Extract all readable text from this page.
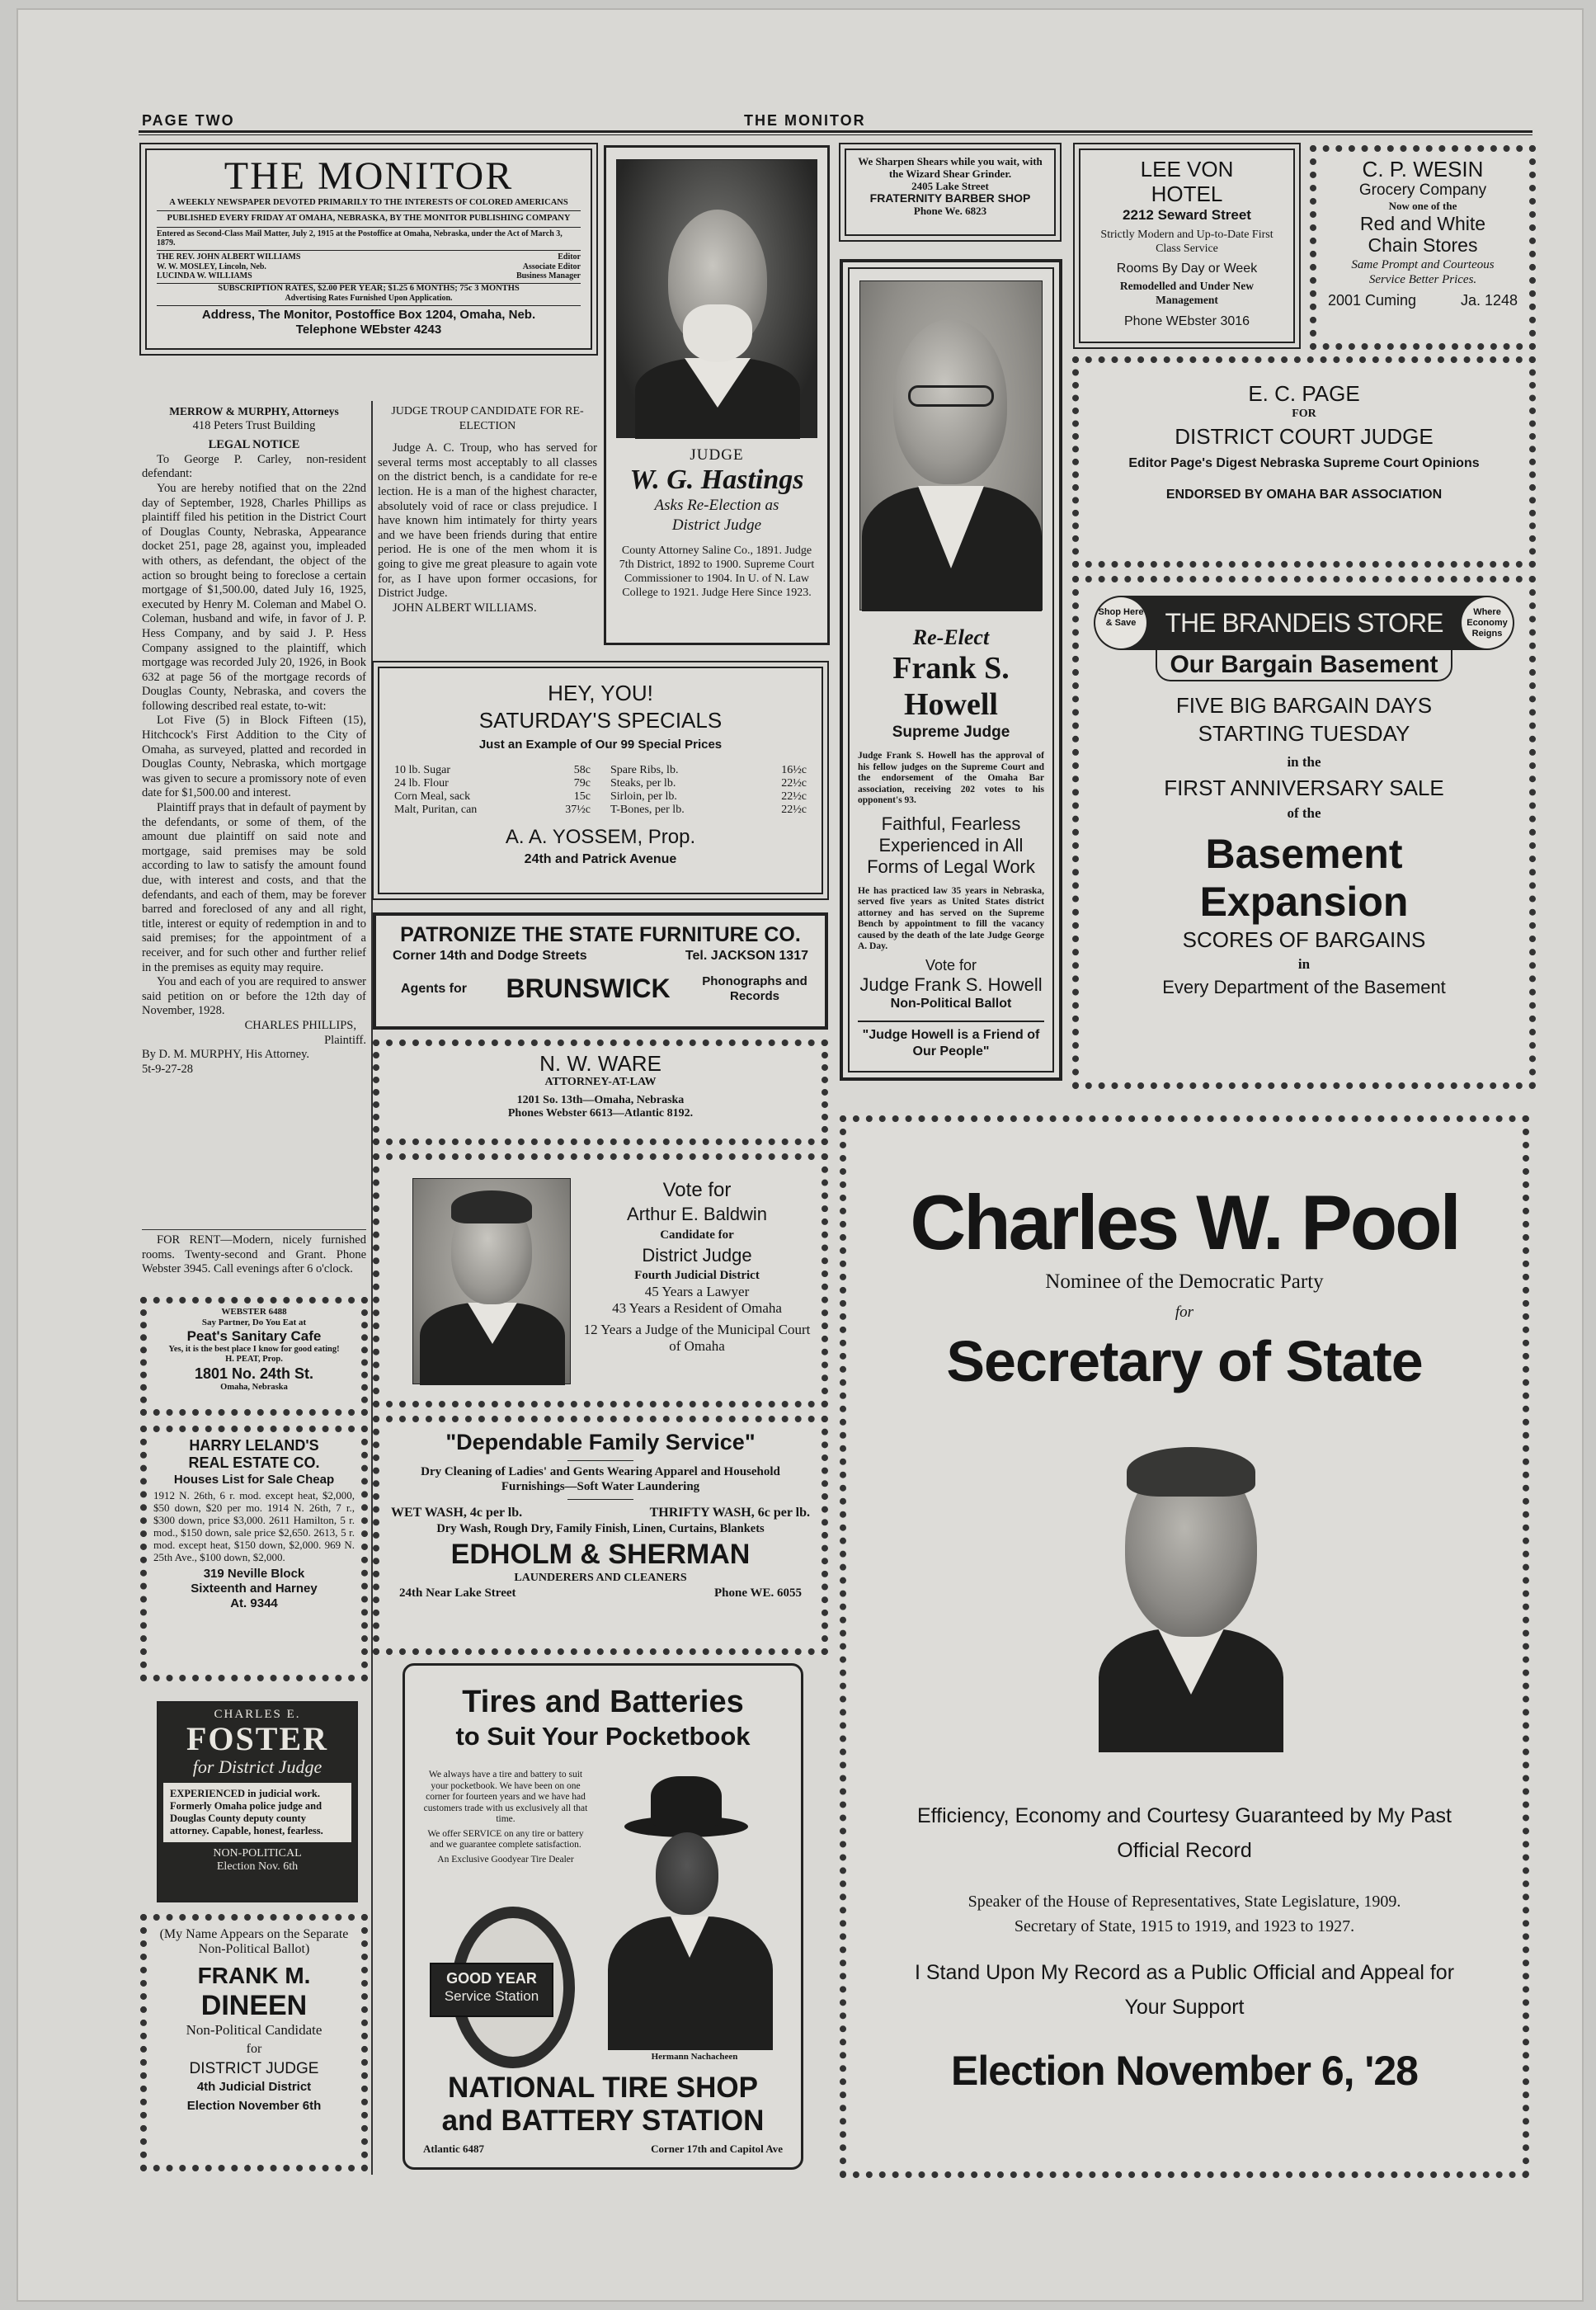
PAGE TWO	THE MONITOR
THE MONITOR
A WEEKLY NEWSPAPER DEVOTED PRIMARILY TO THE INTERESTS OF COLORED AMERICANS
PUBLISHED EVERY FRIDAY AT OMAHA, NEBRASKA, BY THE MONITOR PUBLISHING COMPANY
Entered as Second-Class Mail Matter, July 2, 1915 at the Postoffice at Omaha, Nebraska, under the Act of March 3, 1879.
THE REV. JOHN ALBERT WILLIAMS	Editor
W. W. MOSLEY, Lincoln, Neb.	Associate Editor
LUCINDA W. WILLIAMS	Business Manager
SUBSCRIPTION RATES, $2.00 PER YEAR; $1.25 6 MONTHS; 75c 3 MONTHS
Advertising Rates Furnished Upon Application.
Address, The Monitor, Postoffice Box 1204, Omaha, Neb.
Telephone WEbster 4243
MERROW & MURPHY, Attorneys
418 Peters Trust Building
LEGAL NOTICE

To George P. Carley, non-resident defendant:

You are hereby notified that on the 22nd day of September, 1928, Charles Phillips as plaintiff filed his petition in the District Court of Douglas County, Nebraska, Appearance docket 251, page 28, against you, impleaded with others, as defendant, the object of the action so brought being to foreclose a certain mortgage of $1,500.00, dated July 16, 1925, executed by Henry M. Coleman and Mabel O. Coleman, husband and wife, in favor of J. P. Hess Company, and by said J. P. Hess Company assigned to the plaintiff, which mortgage was recorded July 20, 1926, in Book 632 at page 56 of the mortgage records of Douglas County, Nebraska, and covers the following described real estate, to-wit:

Lot Five (5) in Block Fifteen (15), Hitchcock's First Addition to the City of Omaha, as surveyed, platted and recorded in Douglas County, Nebraska, which mortgage was given to secure a promissory note of even date for $1,500.00 and interest.

Plaintiff prays that in default of payment by the defendants, or some of them, of the amount due plaintiff on said note and mortgage, said premises may be sold according to law to satisfy the amount found due, with interest and costs, and that the defendants, and each of them, may be forever barred and foreclosed of any and all right, title, interest or equity of redemption in and to said premises; for the appointment of a receiver, and for such other and further relief in the premises as equity may require.

You and each of you are required to answer said petition on or before the 12th day of November, 1928.

CHARLES PHILLIPS,
Plaintiff.
By D. M. MURPHY, His Attorney.
5t-9-27-28

FOR RENT—Modern, nicely furnished rooms. Twenty-second and Grant. Phone Webster 3945. Call evenings after 6 o'clock.

WEBSTER 6488
Say Partner, Do You Eat at
Peat's Sanitary Cafe
Yes, it is the best place I know for good eating!
H. PEAT, Prop.
1801 No. 24th St.
Omaha, Nebraska
HARRY LELAND'S
REAL ESTATE CO.
Houses List for Sale Cheap
1912 N. 26th, 6 r. mod. except heat, $2,000, $50 down, $20 per mo. 1914 N. 26th, 7 r., $300 down, price $3,000. 2611 Hamilton, 5 r. mod., $150 down, sale price $2,650. 2613, 5 r. mod. except heat, $150 down, $2,000. 969 N. 25th Ave., $100 down, $2,000.
319 Neville Block
Sixteenth and Harney
At. 9344
CHARLES E.
FOSTER
for District Judge
EXPERIENCED in judicial work. Formerly Omaha police judge and Douglas County deputy county attorney. Capable, honest, fearless.
NON-POLITICAL
Election Nov. 6th
(My Name Appears on the Separate Non-Political Ballot)
FRANK M.
DINEEN
Non-Political Candidate
for
DISTRICT JUDGE
4th Judicial District
Election November 6th
JUDGE TROUP CANDIDATE FOR RE-ELECTION

Judge A. C. Troup, who has served for several terms most acceptably to all classes on the district bench, is a candidate for re-e lection. He is a man of the highest character, absolutely void of race or class prejudice. I have known him intimately for thirty years and we have been friends during that entire period. He is one of the men whom it is going to give me great pleasure to again vote for, as I have upon former occasions, for District Judge.

JOHN ALBERT WILLIAMS.
JUDGE
W. G. Hastings
Asks Re-Election as
District Judge
County Attorney Saline Co., 1891. Judge 7th District, 1892 to 1900. Supreme Court Commissioner to 1904. In U. of N. Law College to 1921. Judge Here Since 1923.
HEY, YOU!
SATURDAY'S SPECIALS
Just an Example of Our 99 Special Prices
10 lb. Sugar	58c
24 lb. Flour	79c
Corn Meal, sack	15c
Malt, Puritan, can	37½c
Spare Ribs, lb.	16½c
Steaks, per lb.	22½c
Sirloin, per lb.	22½c
T-Bones, per lb.	22½c
A. A. YOSSEM, Prop.
24th and Patrick Avenue
PATRONIZE THE STATE FURNITURE CO.
Corner 14th and Dodge Streets	Tel. JACKSON 1317
Agents for	BRUNSWICK	Phonographs and Records
N. W. WARE
ATTORNEY-AT-LAW
1201 So. 13th—Omaha, Nebraska
Phones Webster 6613—Atlantic 8192.
Vote for
Arthur E. Baldwin
Candidate for
District Judge
Fourth Judicial District
45 Years a Lawyer
43 Years a Resident of Omaha
12 Years a Judge of the Municipal Court of Omaha
"Dependable Family Service"
Dry Cleaning of Ladies' and Gents Wearing Apparel and Household Furnishings—Soft Water Laundering
WET WASH, 4c per lb.	THRIFTY WASH, 6c per lb.
Dry Wash, Rough Dry, Family Finish, Linen, Curtains, Blankets
EDHOLM & SHERMAN
LAUNDERERS AND CLEANERS
24th Near Lake Street	Phone WE. 6055
Tires and Batteries
to Suit Your Pocketbook
We always have a tire and battery to suit your pocketbook. We have been on one corner for fourteen years and we have had customers trade with us exclusively all that time.
We offer SERVICE on any tire or battery and we guarantee complete satisfaction.
An Exclusive Goodyear Tire Dealer
GOOD YEAR
Service Station
Hermann Nachacheen
NATIONAL TIRE SHOP
and BATTERY STATION
Atlantic 6487	Corner 17th and Capitol Ave
We Sharpen Shears while you wait, with the Wizard Shear Grinder.
2405 Lake Street
FRATERNITY BARBER SHOP
Phone We. 6823
Re-Elect
Frank S. Howell
Supreme Judge
Judge Frank S. Howell has the approval of his fellow judges on the Supreme Court and the endorsement of the Omaha Bar association, receiving 202 votes to his opponent's 93.
Faithful, Fearless Experienced in All Forms of Legal Work
He has practiced law 35 years in Nebraska, served five years as United States district attorney and has served on the Supreme Bench by appointment to fill the vacancy caused by the death of the late Judge George A. Day.
Vote for
Judge Frank S. Howell
Non-Political Ballot
"Judge Howell is a Friend of Our People"
LEE VON
HOTEL
2212 Seward Street
Strictly Modern and Up-to-Date First Class Service
Rooms By Day or Week
Remodelled and Under New Management
Phone WEbster 3016
C. P. WESIN
Grocery Company
Now one of the
Red and White
Chain Stores
Same Prompt and Courteous Service Better Prices.
2001 Cuming	Ja. 1248
E. C. PAGE
FOR
DISTRICT COURT JUDGE
Editor Page's Digest Nebraska Supreme Court Opinions
ENDORSED BY OMAHA BAR ASSOCIATION
Shop Here & Save	THE BRANDEIS STORE	Where Economy Reigns
Our Bargain Basement
FIVE BIG BARGAIN DAYS
STARTING TUESDAY
in the
FIRST ANNIVERSARY SALE
of the
Basement
Expansion
SCORES OF BARGAINS
in
Every Department of the Basement
Charles W. Pool
Nominee of the Democratic Party
for
Secretary of State
Efficiency, Economy and Courtesy Guaranteed by My Past Official Record
Speaker of the House of Representatives, State Legislature, 1909.
Secretary of State, 1915 to 1919, and 1923 to 1927.
I Stand Upon My Record as a Public Official and Appeal for Your Support
Election November 6, '28
